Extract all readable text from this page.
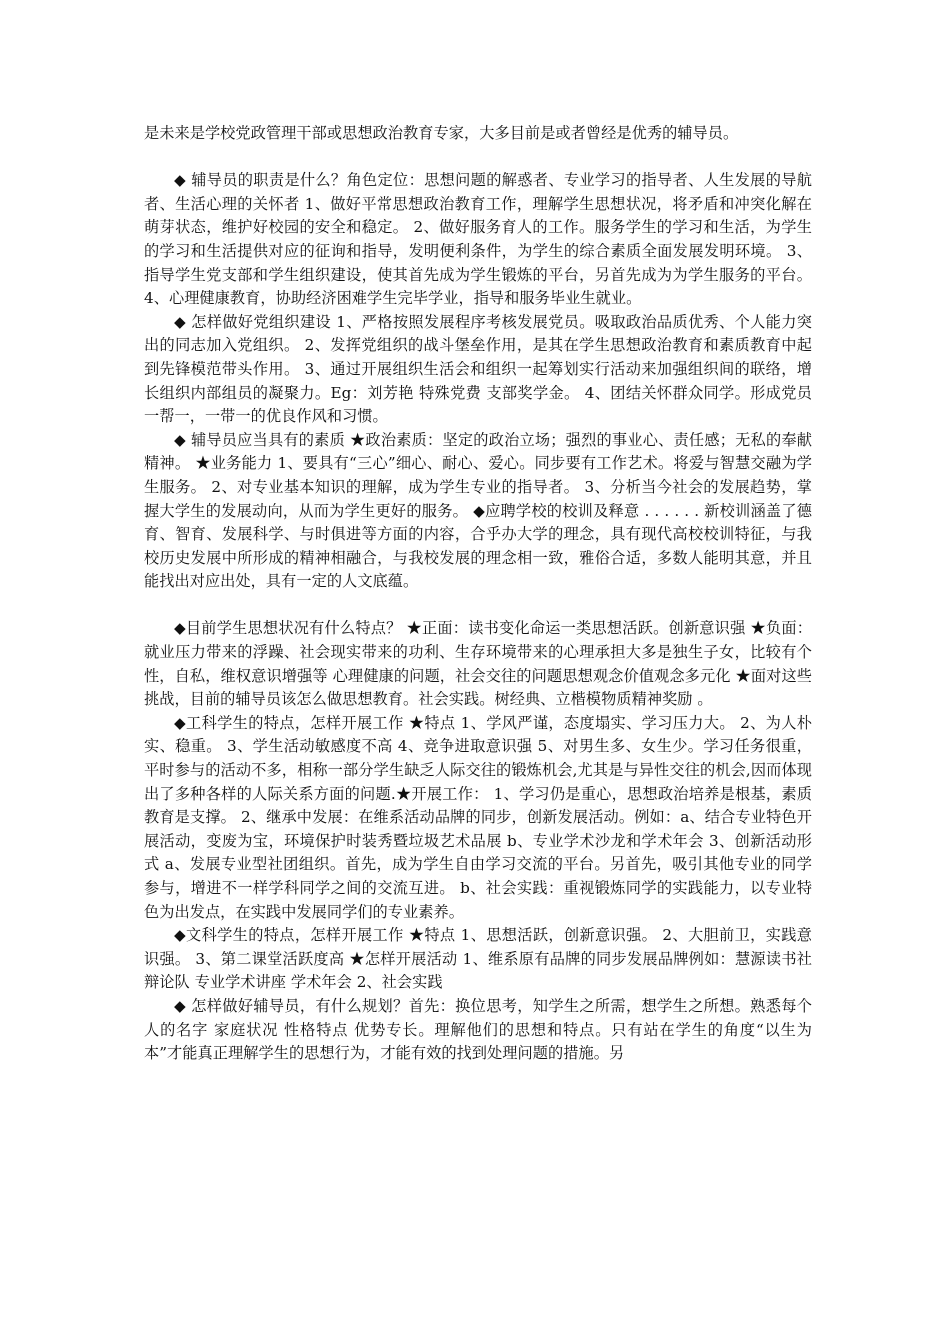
是未来是学校党政管理干部或思想政治教育专家，大多目前是或者曾经是优秀的辅导员。

◆ 辅导员的职责是什么？角色定位：思想问题的解惑者、专业学习的指导者、人生发展的导航者、生活心理的关怀者 1、做好平常思想政治教育工作，理解学生思想状况，将矛盾和冲突化解在萌芽状态，维护好校园的安全和稳定。 2、做好服务育人的工作。服务学生的学习和生活，为学生的学习和生活提供对应的征询和指导，发明便利条件，为学生的综合素质全面发展发明环境。 3、指导学生党支部和学生组织建设，使其首先成为学生锻炼的平台，另首先成为为学生服务的平台。 4、心理健康教育，协助经济困难学生完毕学业，指导和服务毕业生就业。

◆ 怎样做好党组织建设 1、严格按照发展程序考核发展党员。吸取政治品质优秀、个人能力突出的同志加入党组织。 2、发挥党组织的战斗堡垒作用，是其在学生思想政治教育和素质教育中起到先锋模范带头作用。 3、通过开展组织生活会和组织一起筹划实行活动来加强组织间的联络，增长组织内部组员的凝聚力。Eg：刘芳艳 特殊党费 支部奖学金。 4、团结关怀群众同学。形成党员一帮一，一带一的优良作风和习惯。

◆ 辅导员应当具有的素质 ★政治素质：坚定的政治立场；强烈的事业心、责任感；无私的奉献精神。 ★业务能力 1、要具有“三心”细心、耐心、爱心。同步要有工作艺术。将爱与智慧交融为学生服务。 2、对专业基本知识的理解，成为学生专业的指导者。 3、分析当今社会的发展趋势，掌握大学生的发展动向，从而为学生更好的服务。 ◆应聘学校的校训及释意 . . . . . . 新校训涵盖了德育、智育、发展科学、与时俱进等方面的内容，合乎办大学的理念，具有现代高校校训特征，与我校历史发展中所形成的精神相融合，与我校发展的理念相一致，雅俗合适，多数人能明其意，并且能找出对应出处，具有一定的人文底蕴。

◆目前学生思想状况有什么特点？ ★正面：读书变化命运一类思想活跃。创新意识强 ★负面：就业压力带来的浮躁、社会现实带来的功利、生存环境带来的心理承担大多是独生子女，比较有个性，自私，维权意识增强等 心理健康的问题，社会交往的问题思想观念价值观念多元化 ★面对这些挑战，目前的辅导员该怎么做思想教育。社会实践。树经典、立楷模物质精神奖励 。

◆工科学生的特点，怎样开展工作 ★特点 1、学风严谨，态度塌实、学习压力大。 2、为人朴实、稳重。 3、学生活动敏感度不高 4、竞争进取意识强 5、对男生多、女生少。学习任务很重，平时参与的活动不多，相称一部分学生缺乏人际交往的锻炼机会,尤其是与异性交往的机会,因而体现出了多种各样的人际关系方面的问题.★开展工作： 1、学习仍是重心，思想政治培养是根基，素质教育是支撑。 2、继承中发展：在维系活动品牌的同步，创新发展活动。例如：a、结合专业特色开展活动，变废为宝，环境保护时装秀暨垃圾艺术品展 b、专业学术沙龙和学术年会 3、创新活动形式 a、发展专业型社团组织。首先，成为学生自由学习交流的平台。另首先，吸引其他专业的同学参与，增进不一样学科同学之间的交流互进。 b、社会实践：重视锻炼同学的实践能力，以专业特色为出发点，在实践中发展同学们的专业素养。

◆文科学生的特点，怎样开展工作 ★特点 1、思想活跃，创新意识强。 2、大胆前卫，实践意识强。 3、第二课堂活跃度高 ★怎样开展活动 1、维系原有品牌的同步发展品牌例如：慧源读书社 辩论队 专业学术讲座 学术年会 2、社会实践

◆ 怎样做好辅导员，有什么规划？首先：换位思考，知学生之所需，想学生之所想。熟悉每个人的名字 家庭状况 性格特点 优势专长。理解他们的思想和特点。只有站在学生的角度“以生为本”才能真正理解学生的思想行为，才能有效的找到处理问题的措施。另
